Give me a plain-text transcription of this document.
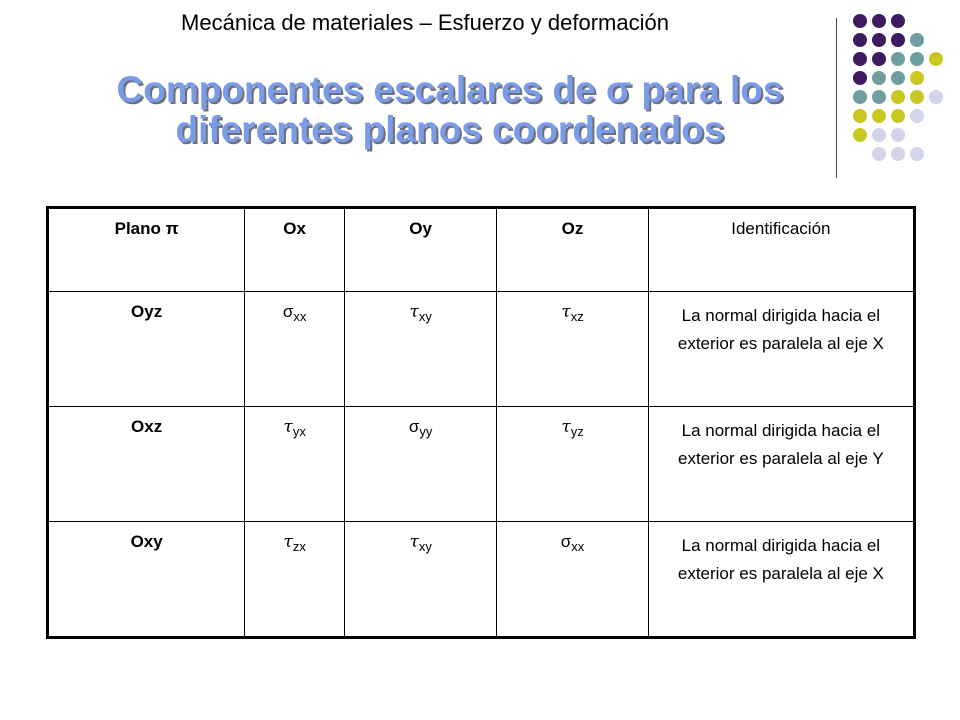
Mecánica de materiales – Esfuerzo y deformación
Componentes escalares de σ para los
diferentes planos coordenados
Plano π	Ox	Oy	Oz	Identificación
Oyz	$\sigma_{xx}$	$\tau_{xy}$	$\tau_{xz}$	La normal dirigida hacia el exterior es paralela al eje X
Oxz	$\tau_{yx}$	$\sigma_{yy}$	$\tau_{yz}$	La normal dirigida hacia el exterior es paralela al eje Y
Oxy	$\tau_{zx}$	$\tau_{xy}$	$\sigma_{xx}$	La normal dirigida hacia el exterior es paralela al eje X
